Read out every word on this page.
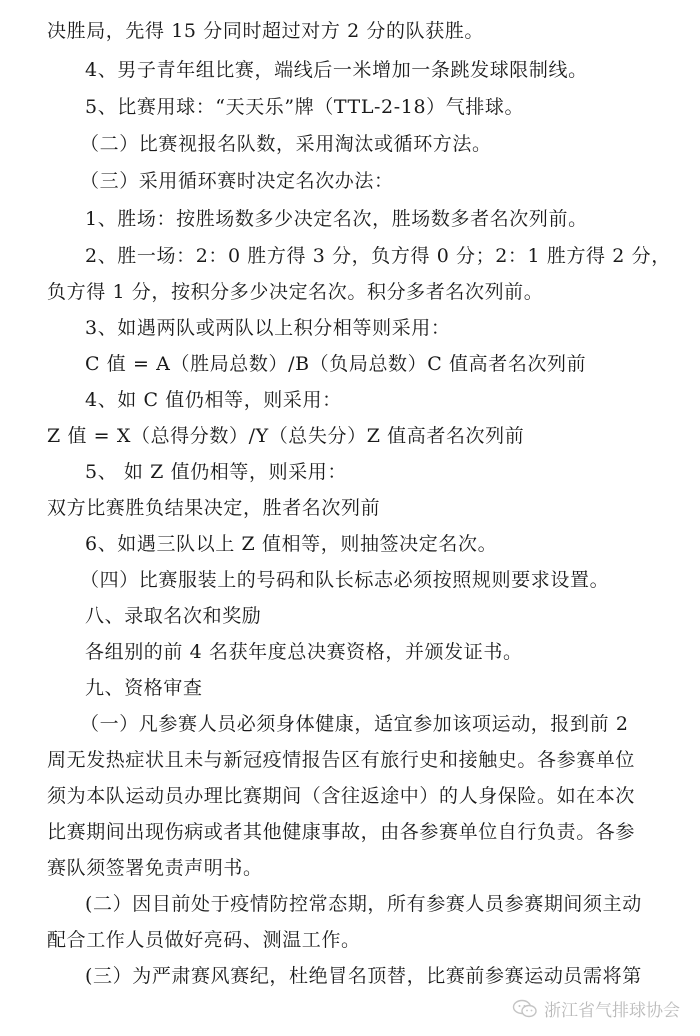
决胜局，先得 15 分同时超过对方 2 分的队获胜。
4、男子青年组比赛，端线后一米增加一条跳发球限制线。
5、比赛用球：“天天乐”牌（TTL-2-18）气排球。
（二）比赛视报名队数，采用淘汰或循环方法。
（三）采用循环赛时决定名次办法：
1、胜场：按胜场数多少决定名次，胜场数多者名次列前。
2、胜一场：2：0 胜方得 3 分，负方得 0 分；2：1 胜方得 2 分，
负方得 1 分，按积分多少决定名次。积分多者名次列前。
3、如遇两队或两队以上积分相等则采用：
C 值 = A（胜局总数）/B（负局总数）C 值高者名次列前
4、如 C 值仍相等，则采用：
Z 值 = X（总得分数）/Y（总失分）Z 值高者名次列前
5、 如 Z 值仍相等，则采用：
双方比赛胜负结果决定，胜者名次列前
6、如遇三队以上 Z 值相等，则抽签决定名次。
（四）比赛服装上的号码和队长标志必须按照规则要求设置。
八、录取名次和奖励
各组别的前 4 名获年度总决赛资格，并颁发证书。
九、资格审查
（一）凡参赛人员必须身体健康，适宜参加该项运动，报到前 2
周无发热症状且未与新冠疫情报告区有旅行史和接触史。各参赛单位
须为本队运动员办理比赛期间（含往返途中）的人身保险。如在本次
比赛期间出现伤病或者其他健康事故，由各参赛单位自行负责。各参
赛队须签署免责声明书。
(二）因目前处于疫情防控常态期，所有参赛人员参赛期间须主动
配合工作人员做好亮码、测温工作。
(三）为严肃赛风赛纪，杜绝冒名顶替，比赛前参赛运动员需将第
浙江省气排球协会
